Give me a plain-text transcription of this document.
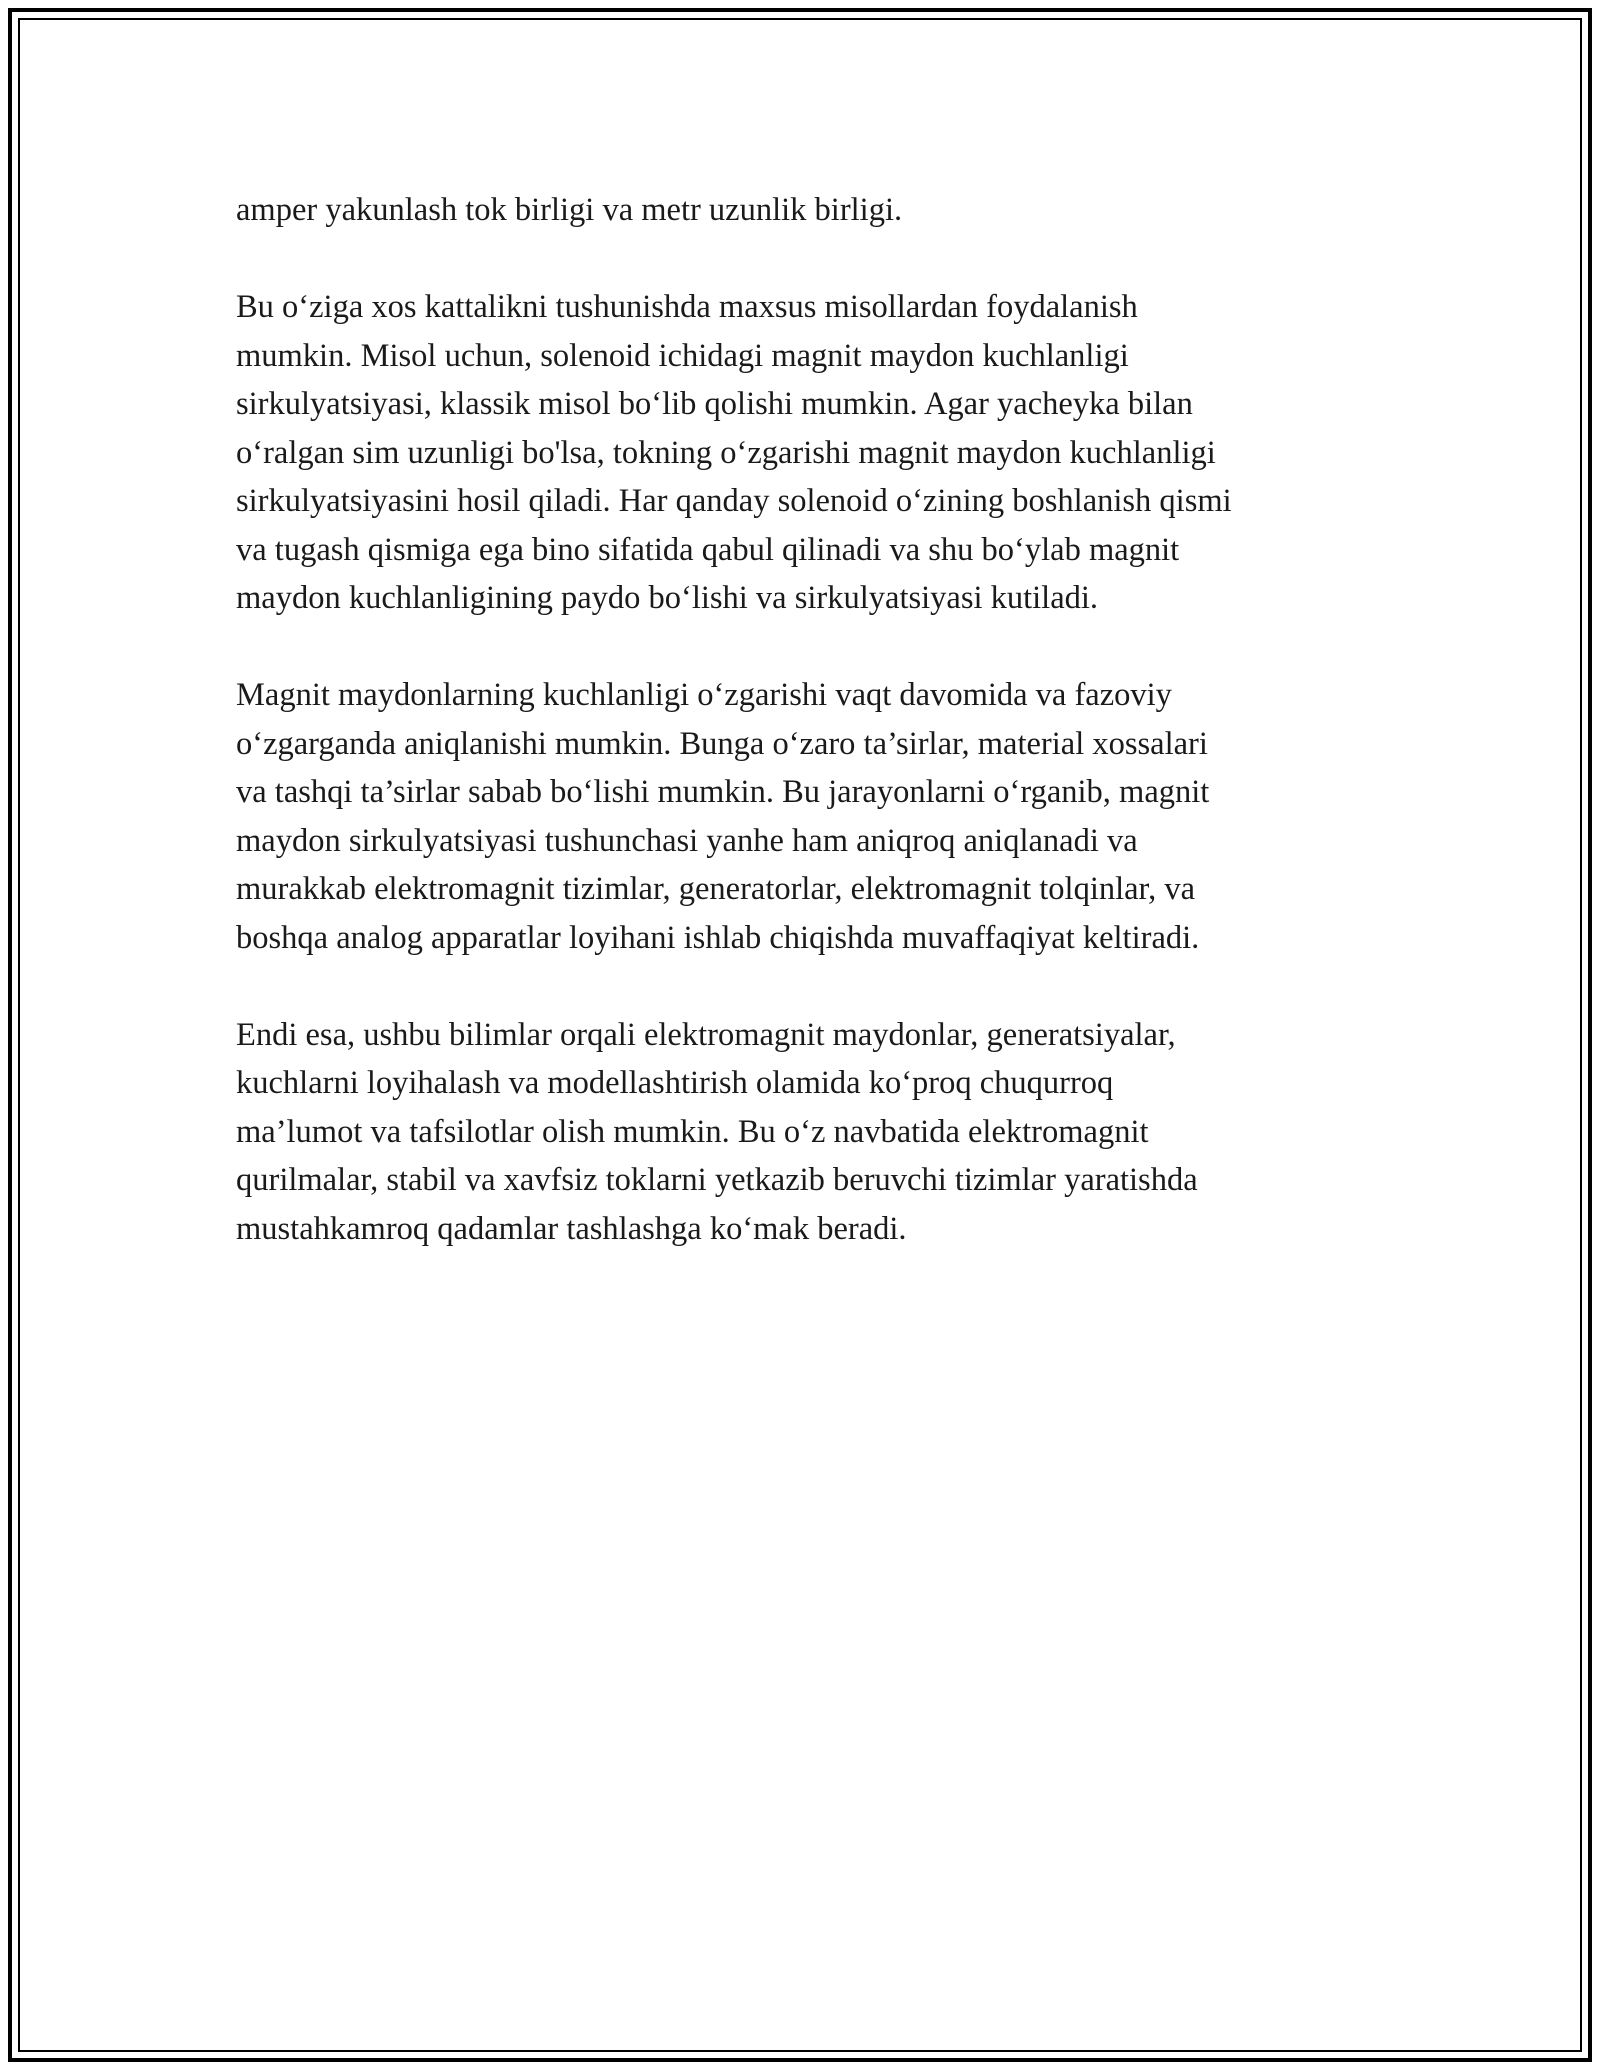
amper yakunlash tok birligi va metr uzunlik birligi.

Bu o‘ziga xos kattalikni tushunishda maxsus misollardan foydalanish
mumkin. Misol uchun, solenoid ichidagi magnit maydon kuchlanligi
sirkulyatsiyasi, klassik misol bo‘lib qolishi mumkin. Agar yacheyka bilan
o‘ralgan sim uzunligi bo'lsa, tokning o‘zgarishi magnit maydon kuchlanligi
sirkulyatsiyasini hosil qiladi. Har qanday solenoid o‘zining boshlanish qismi
va tugash qismiga ega bino sifatida qabul qilinadi va shu bo‘ylab magnit
maydon kuchlanligining paydo bo‘lishi va sirkulyatsiyasi kutiladi.

Magnit maydonlarning kuchlanligi o‘zgarishi vaqt davomida va fazoviy
o‘zgarganda aniqlanishi mumkin. Bunga o‘zaro ta’sirlar, material xossalari
va tashqi ta’sirlar sabab bo‘lishi mumkin. Bu jarayonlarni o‘rganib, magnit
maydon sirkulyatsiyasi tushunchasi yanhe ham aniqroq aniqlanadi va
murakkab elektromagnit tizimlar, generatorlar, elektromagnit tolqinlar, va
boshqa analog apparatlar loyihani ishlab chiqishda muvaffaqiyat keltiradi.

Endi esa, ushbu bilimlar orqali elektromagnit maydonlar, generatsiyalar,
kuchlarni loyihalash va modellashtirish olamida ko‘proq chuqurroq
ma’lumot va tafsilotlar olish mumkin. Bu o‘z navbatida elektromagnit
qurilmalar, stabil va xavfsiz toklarni yetkazib beruvchi tizimlar yaratishda
mustahkamroq qadamlar tashlashga ko‘mak beradi.
